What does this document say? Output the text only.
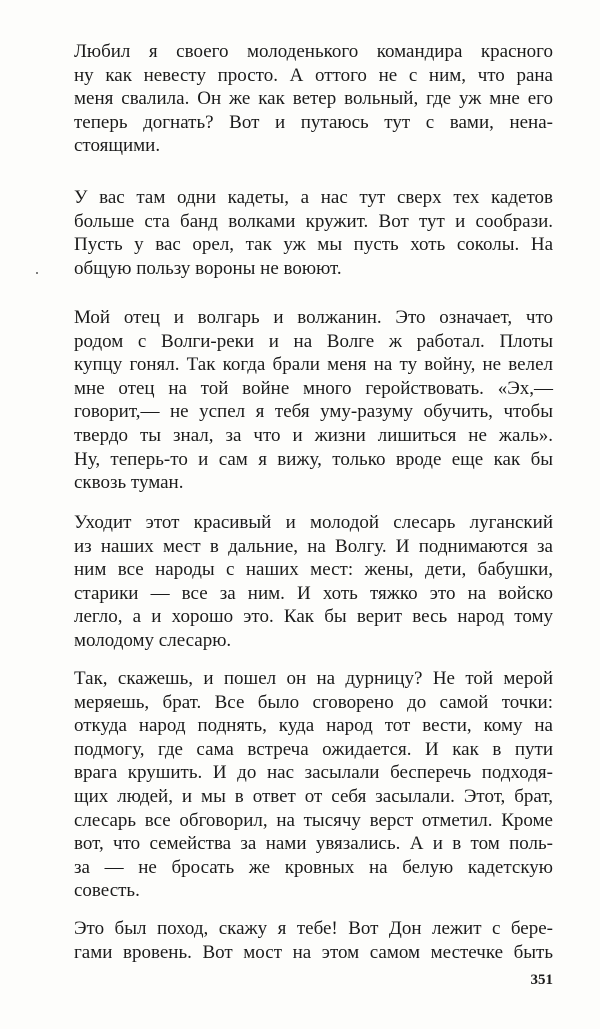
Любил я своего молоденького командира красного
ну как невесту просто. А оттого не с ним, что рана
меня свалила. Он же как ветер вольный, где уж мне его
теперь догнать? Вот и путаюсь тут с вами, нена-
стоящими.
У вас там одни кадеты, а нас тут сверх тех кадетов
больше ста банд волками кружит. Вот тут и сообрази.
Пусть у вас орел, так уж мы пусть хоть соколы. На
общую пользу вороны не воюют.
Мой отец и волгарь и волжанин. Это означает, что
родом с Волги-реки и на Волге ж работал. Плоты
купцу гонял. Так когда брали меня на ту войну, не велел
мне отец на той войне много геройствовать. «Эх,—
говорит,— не успел я тебя уму-разуму обучить, чтобы
твердо ты знал, за что и жизни лишиться не жаль».
Ну, теперь-то и сам я вижу, только вроде еще как бы
сквозь туман.
Уходит этот красивый и молодой слесарь луганский
из наших мест в дальние, на Волгу. И поднимаются за
ним все народы с наших мест: жены, дети, бабушки,
старики — все за ним. И хоть тяжко это на войско
легло, а и хорошо это. Как бы верит весь народ тому
молодому слесарю.
Так, скажешь, и пошел он на дурницу? Не той мерой
меряешь, брат. Все было сговорено до самой точки:
откуда народ поднять, куда народ тот вести, кому на
подмогу, где сама встреча ожидается. И как в пути
врага крушить. И до нас засылали бесперечь подходя-
щих людей, и мы в ответ от себя засылали. Этот, брат,
слесарь все обговорил, на тысячу верст отметил. Кроме
вот, что семейства за нами увязались. А и в том поль-
за — не бросать же кровных на белую кадетскую
совесть.
Это был поход, скажу я тебе! Вот Дон лежит с бере-
гами вровень. Вот мост на этом самом местечке быть
351
